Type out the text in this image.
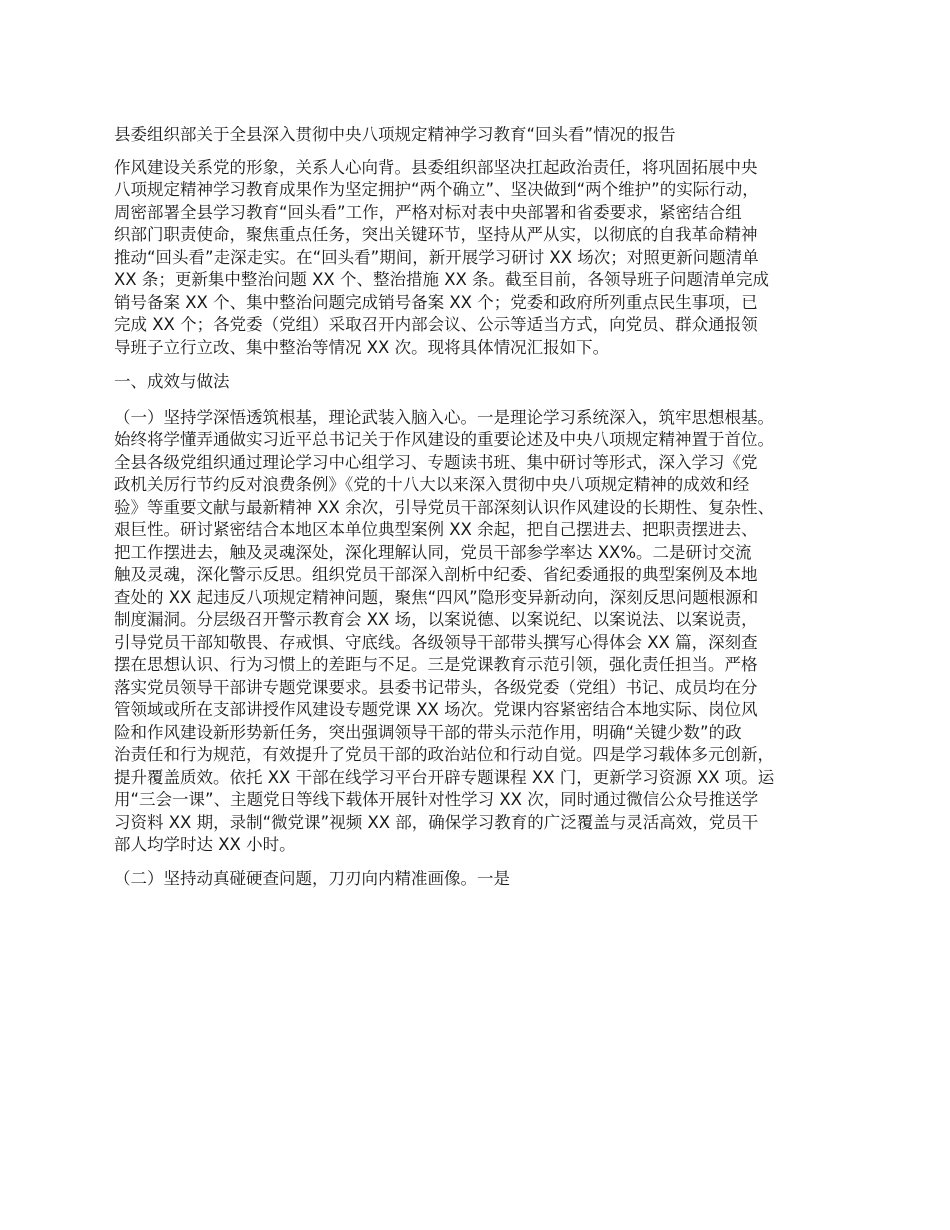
县委组织部关于全县深入贯彻中央八项规定精神学习教育“回头看”情况的报告

作风建设关系党的形象，关系人心向背。县委组织部坚决扛起政治责任，将巩固拓展中央
八项规定精神学习教育成果作为坚定拥护“两个确立”、坚决做到“两个维护”的实际行动，
周密部署全县学习教育“回头看”工作，严格对标对表中央部署和省委要求，紧密结合组
织部门职责使命，聚焦重点任务，突出关键环节，坚持从严从实，以彻底的自我革命精神
推动“回头看”走深走实。在“回头看”期间，新开展学习研讨 XX 场次；对照更新问题清单
XX 条；更新集中整治问题 XX 个、整治措施 XX 条。截至目前，各领导班子问题清单完成
销号备案 XX 个、集中整治问题完成销号备案 XX 个；党委和政府所列重点民生事项，已
完成 XX 个；各党委（党组）采取召开内部会议、公示等适当方式，向党员、群众通报领
导班子立行立改、集中整治等情况 XX 次。现将具体情况汇报如下。

一、成效与做法

（一）坚持学深悟透筑根基，理论武装入脑入心。一是理论学习系统深入，筑牢思想根基。
始终将学懂弄通做实习近平总书记关于作风建设的重要论述及中央八项规定精神置于首位。
全县各级党组织通过理论学习中心组学习、专题读书班、集中研讨等形式，深入学习《党
政机关厉行节约反对浪费条例》《党的十八大以来深入贯彻中央八项规定精神的成效和经
验》等重要文献与最新精神 XX 余次，引导党员干部深刻认识作风建设的长期性、复杂性、
艰巨性。研讨紧密结合本地区本单位典型案例 XX 余起，把自己摆进去、把职责摆进去、
把工作摆进去，触及灵魂深处，深化理解认同，党员干部参学率达 XX%。二是研讨交流
触及灵魂，深化警示反思。组织党员干部深入剖析中纪委、省纪委通报的典型案例及本地
查处的 XX 起违反八项规定精神问题，聚焦“四风”隐形变异新动向，深刻反思问题根源和
制度漏洞。分层级召开警示教育会 XX 场，以案说德、以案说纪、以案说法、以案说责，
引导党员干部知敬畏、存戒惧、守底线。各级领导干部带头撰写心得体会 XX 篇，深刻查
摆在思想认识、行为习惯上的差距与不足。三是党课教育示范引领，强化责任担当。严格
落实党员领导干部讲专题党课要求。县委书记带头，各级党委（党组）书记、成员均在分
管领域或所在支部讲授作风建设专题党课 XX 场次。党课内容紧密结合本地实际、岗位风
险和作风建设新形势新任务，突出强调领导干部的带头示范作用，明确“关键少数”的政
治责任和行为规范，有效提升了党员干部的政治站位和行动自觉。四是学习载体多元创新，
提升覆盖质效。依托 XX 干部在线学习平台开辟专题课程 XX 门，更新学习资源 XX 项。运
用“三会一课”、主题党日等线下载体开展针对性学习 XX 次，同时通过微信公众号推送学
习资料 XX 期，录制“微党课”视频 XX 部，确保学习教育的广泛覆盖与灵活高效，党员干
部人均学时达 XX 小时。

（二）坚持动真碰硬查问题，刀刃向内精准画像。一是
